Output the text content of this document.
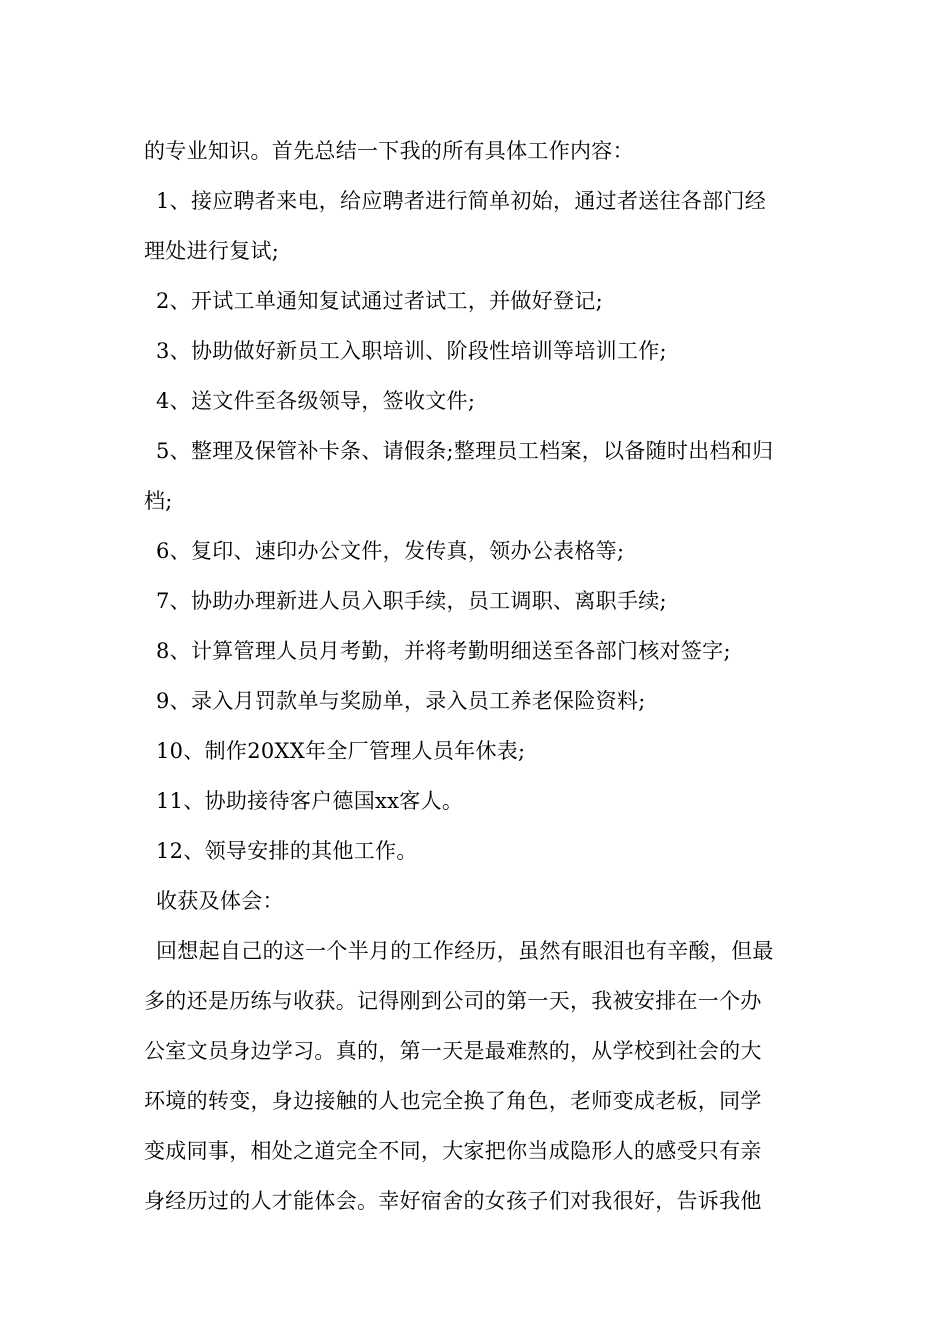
的专业知识。首先总结一下我的所有具体工作内容：
1、接应聘者来电，给应聘者进行简单初始，通过者送往各部门经
理处进行复试;
2、开试工单通知复试通过者试工，并做好登记;
3、协助做好新员工入职培训、阶段性培训等培训工作;
4、送文件至各级领导，签收文件;
5、整理及保管补卡条、请假条;整理员工档案，以备随时出档和归
档;
6、复印、速印办公文件，发传真，领办公表格等;
7、协助办理新进人员入职手续，员工调职、离职手续;
8、计算管理人员月考勤，并将考勤明细送至各部门核对签字;
9、录入月罚款单与奖励单，录入员工养老保险资料;
10、制作20XX年全厂管理人员年休表;
11、协助接待客户德国xx客人。
12、领导安排的其他工作。
收获及体会：
回想起自己的这一个半月的工作经历，虽然有眼泪也有辛酸，但最
多的还是历练与收获。记得刚到公司的第一天，我被安排在一个办
公室文员身边学习。真的，第一天是最难熬的，从学校到社会的大
环境的转变，身边接触的人也完全换了角色，老师变成老板，同学
变成同事，相处之道完全不同，大家把你当成隐形人的感受只有亲
身经历过的人才能体会。幸好宿舍的女孩子们对我很好，告诉我他
